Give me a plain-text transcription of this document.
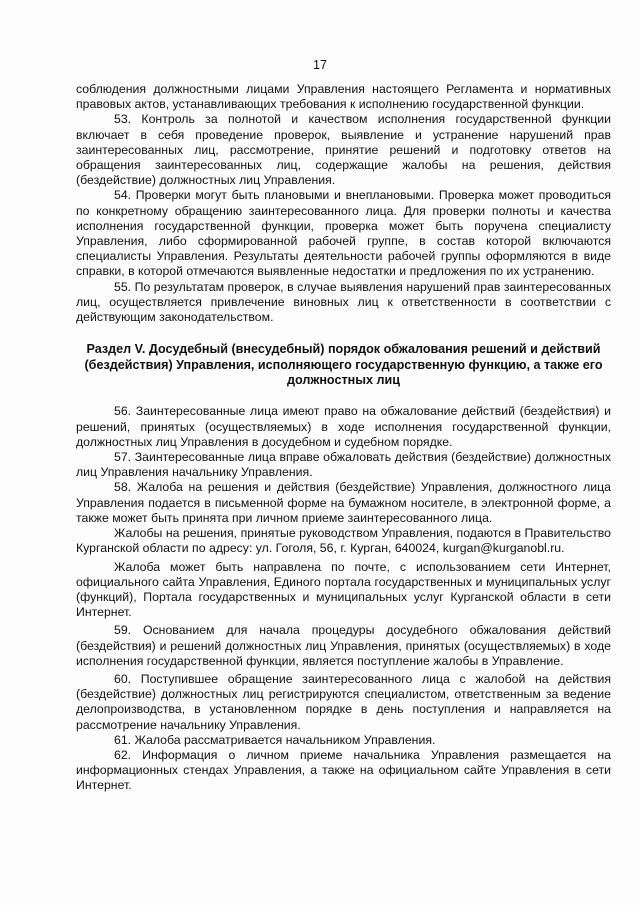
17

соблюдения должностными лицами Управления настоящего Регламента и нормативных правовых актов, устанавливающих требования к исполнению государственной функции.

53. Контроль за полнотой и качеством исполнения государственной функции включает в себя проведение проверок, выявление и устранение нарушений прав заинтересованных лиц, рассмотрение, принятие решений и подготовку ответов на обращения заинтересованных лиц, содержащие жалобы на решения, действия (бездействие) должностных лиц Управления.

54. Проверки могут быть плановыми и внеплановыми. Проверка может проводиться по конкретному обращению заинтересованного лица. Для проверки полноты и качества исполнения государственной функции, проверка может быть поручена специалисту Управления, либо сформированной рабочей группе, в состав которой включаются специалисты Управления. Результаты деятельности рабочей группы оформляются в виде справки, в которой отмечаются выявленные недостатки и предложения по их устранению.

55. По результатам проверок, в случае выявления нарушений прав заинтересованных лиц, осуществляется привлечение виновных лиц к ответственности в соответствии с действующим законодательством.

Раздел V. Досудебный (внесудебный) порядок обжалования решений и действий (бездействия) Управления, исполняющего государственную функцию, а также его должностных лиц

56. Заинтересованные лица имеют право на обжалование действий (бездействия) и решений, принятых (осуществляемых) в ходе исполнения государственной функции, должностных лиц Управления в досудебном и судебном порядке.

57. Заинтересованные лица вправе обжаловать действия (бездействие) должностных лиц Управления начальнику Управления.

58. Жалоба на решения и действия (бездействие) Управления, должностного лица Управления подается в письменной форме на бумажном носителе, в электронной форме, а также может быть принята при личном приеме заинтересованного лица.

Жалобы на решения, принятые руководством Управления, подаются в Правительство Курганской области по адресу: ул. Гоголя, 56, г. Курган, 640024, kurgan@kurganobl.ru.

Жалоба может быть направлена по почте, с использованием сети Интернет, официального сайта Управления, Единого портала государственных и муниципальных услуг (функций), Портала государственных и муниципальных услуг Курганской области в сети Интернет.

59. Основанием для начала процедуры досудебного обжалования действий (бездействия) и решений должностных лиц Управления, принятых (осуществляемых) в ходе исполнения государственной функции, является поступление жалобы в Управление.

60. Поступившее обращение заинтересованного лица с жалобой на действия (бездействие) должностных лиц регистрируются специалистом, ответственным за ведение делопроизводства, в установленном порядке в день поступления и направляется на рассмотрение начальнику Управления.

61. Жалоба рассматривается начальником Управления.

62. Информация о личном приеме начальника Управления размещается на информационных стендах Управления, а также на официальном сайте Управления в сети Интернет.
